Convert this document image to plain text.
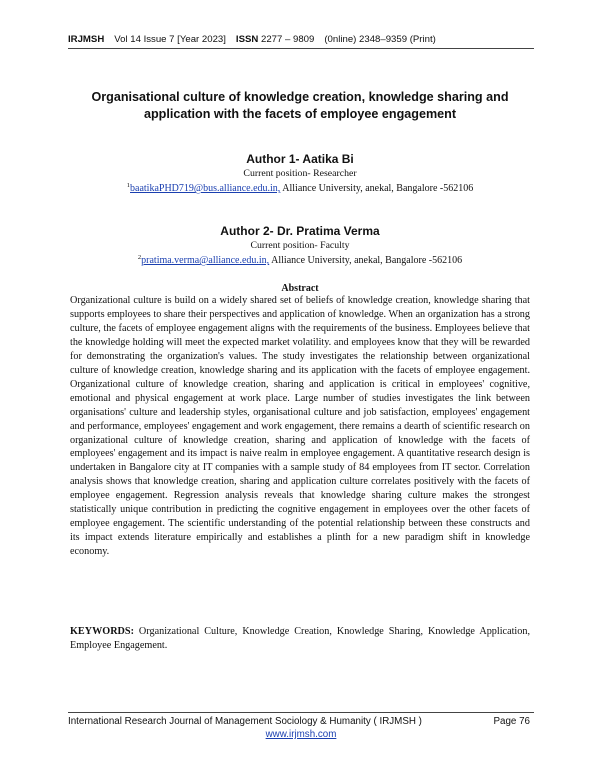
IRJMSH Vol 14 Issue 7 [Year 2023] ISSN 2277 – 9809 (0nline) 2348–9359 (Print)
Organisational culture of knowledge creation, knowledge sharing and application with the facets of employee engagement
Author 1- Aatika Bi
Current position- Researcher
$^1$baatikaPHD719@bus.alliance.edu.in, Alliance University, anekal, Bangalore -562106
Author 2- Dr. Pratima Verma
Current position- Faculty
$^2$pratima.verma@alliance.edu.in, Alliance University, anekal, Bangalore -562106
Abstract

Organizational culture is build on a widely shared set of beliefs of knowledge creation, knowledge sharing that supports employees to share their perspectives and application of knowledge. When an organization has a strong culture, the facets of employee engagement aligns with the requirements of the business. Employees believe that the knowledge holding will meet the expected market volatility. and employees know that they will be rewarded for demonstrating the organization's values. The study investigates the relationship between organizational culture of knowledge creation, knowledge sharing and its application with the facets of employee engagement. Organizational culture of knowledge creation, sharing and application is critical in employees' cognitive, emotional and physical engagement at work place. Large number of studies investigates the link between organisations' culture and leadership styles, organisational culture and job satisfaction, employees' engagement and performance, employees' engagement and work engagement, there remains a dearth of scientific research on organizational culture of knowledge creation, sharing and application of knowledge with the facets of employees' engagement and its impact is naive realm in employee engagement. A quantitative research design is undertaken in Bangalore city at IT companies with a sample study of 84 employees from IT sector. Correlation analysis shows that knowledge creation, sharing and application culture correlates positively with the facets of employee engagement. Regression analysis reveals that knowledge sharing culture makes the strongest statistically unique contribution in predicting the cognitive engagement in employees over the other facets of employee engagement. The scientific understanding of the potential relationship between these constructs and its impact extends literature empirically and establishes a plinth for a new paradigm shift in knowledge economy.

KEYWORDS: Organizational Culture, Knowledge Creation, Knowledge Sharing, Knowledge Application, Employee Engagement.

International Research Journal of Management Sociology & Humanity ( IRJMSH )	Page 76
www.irjmsh.com
